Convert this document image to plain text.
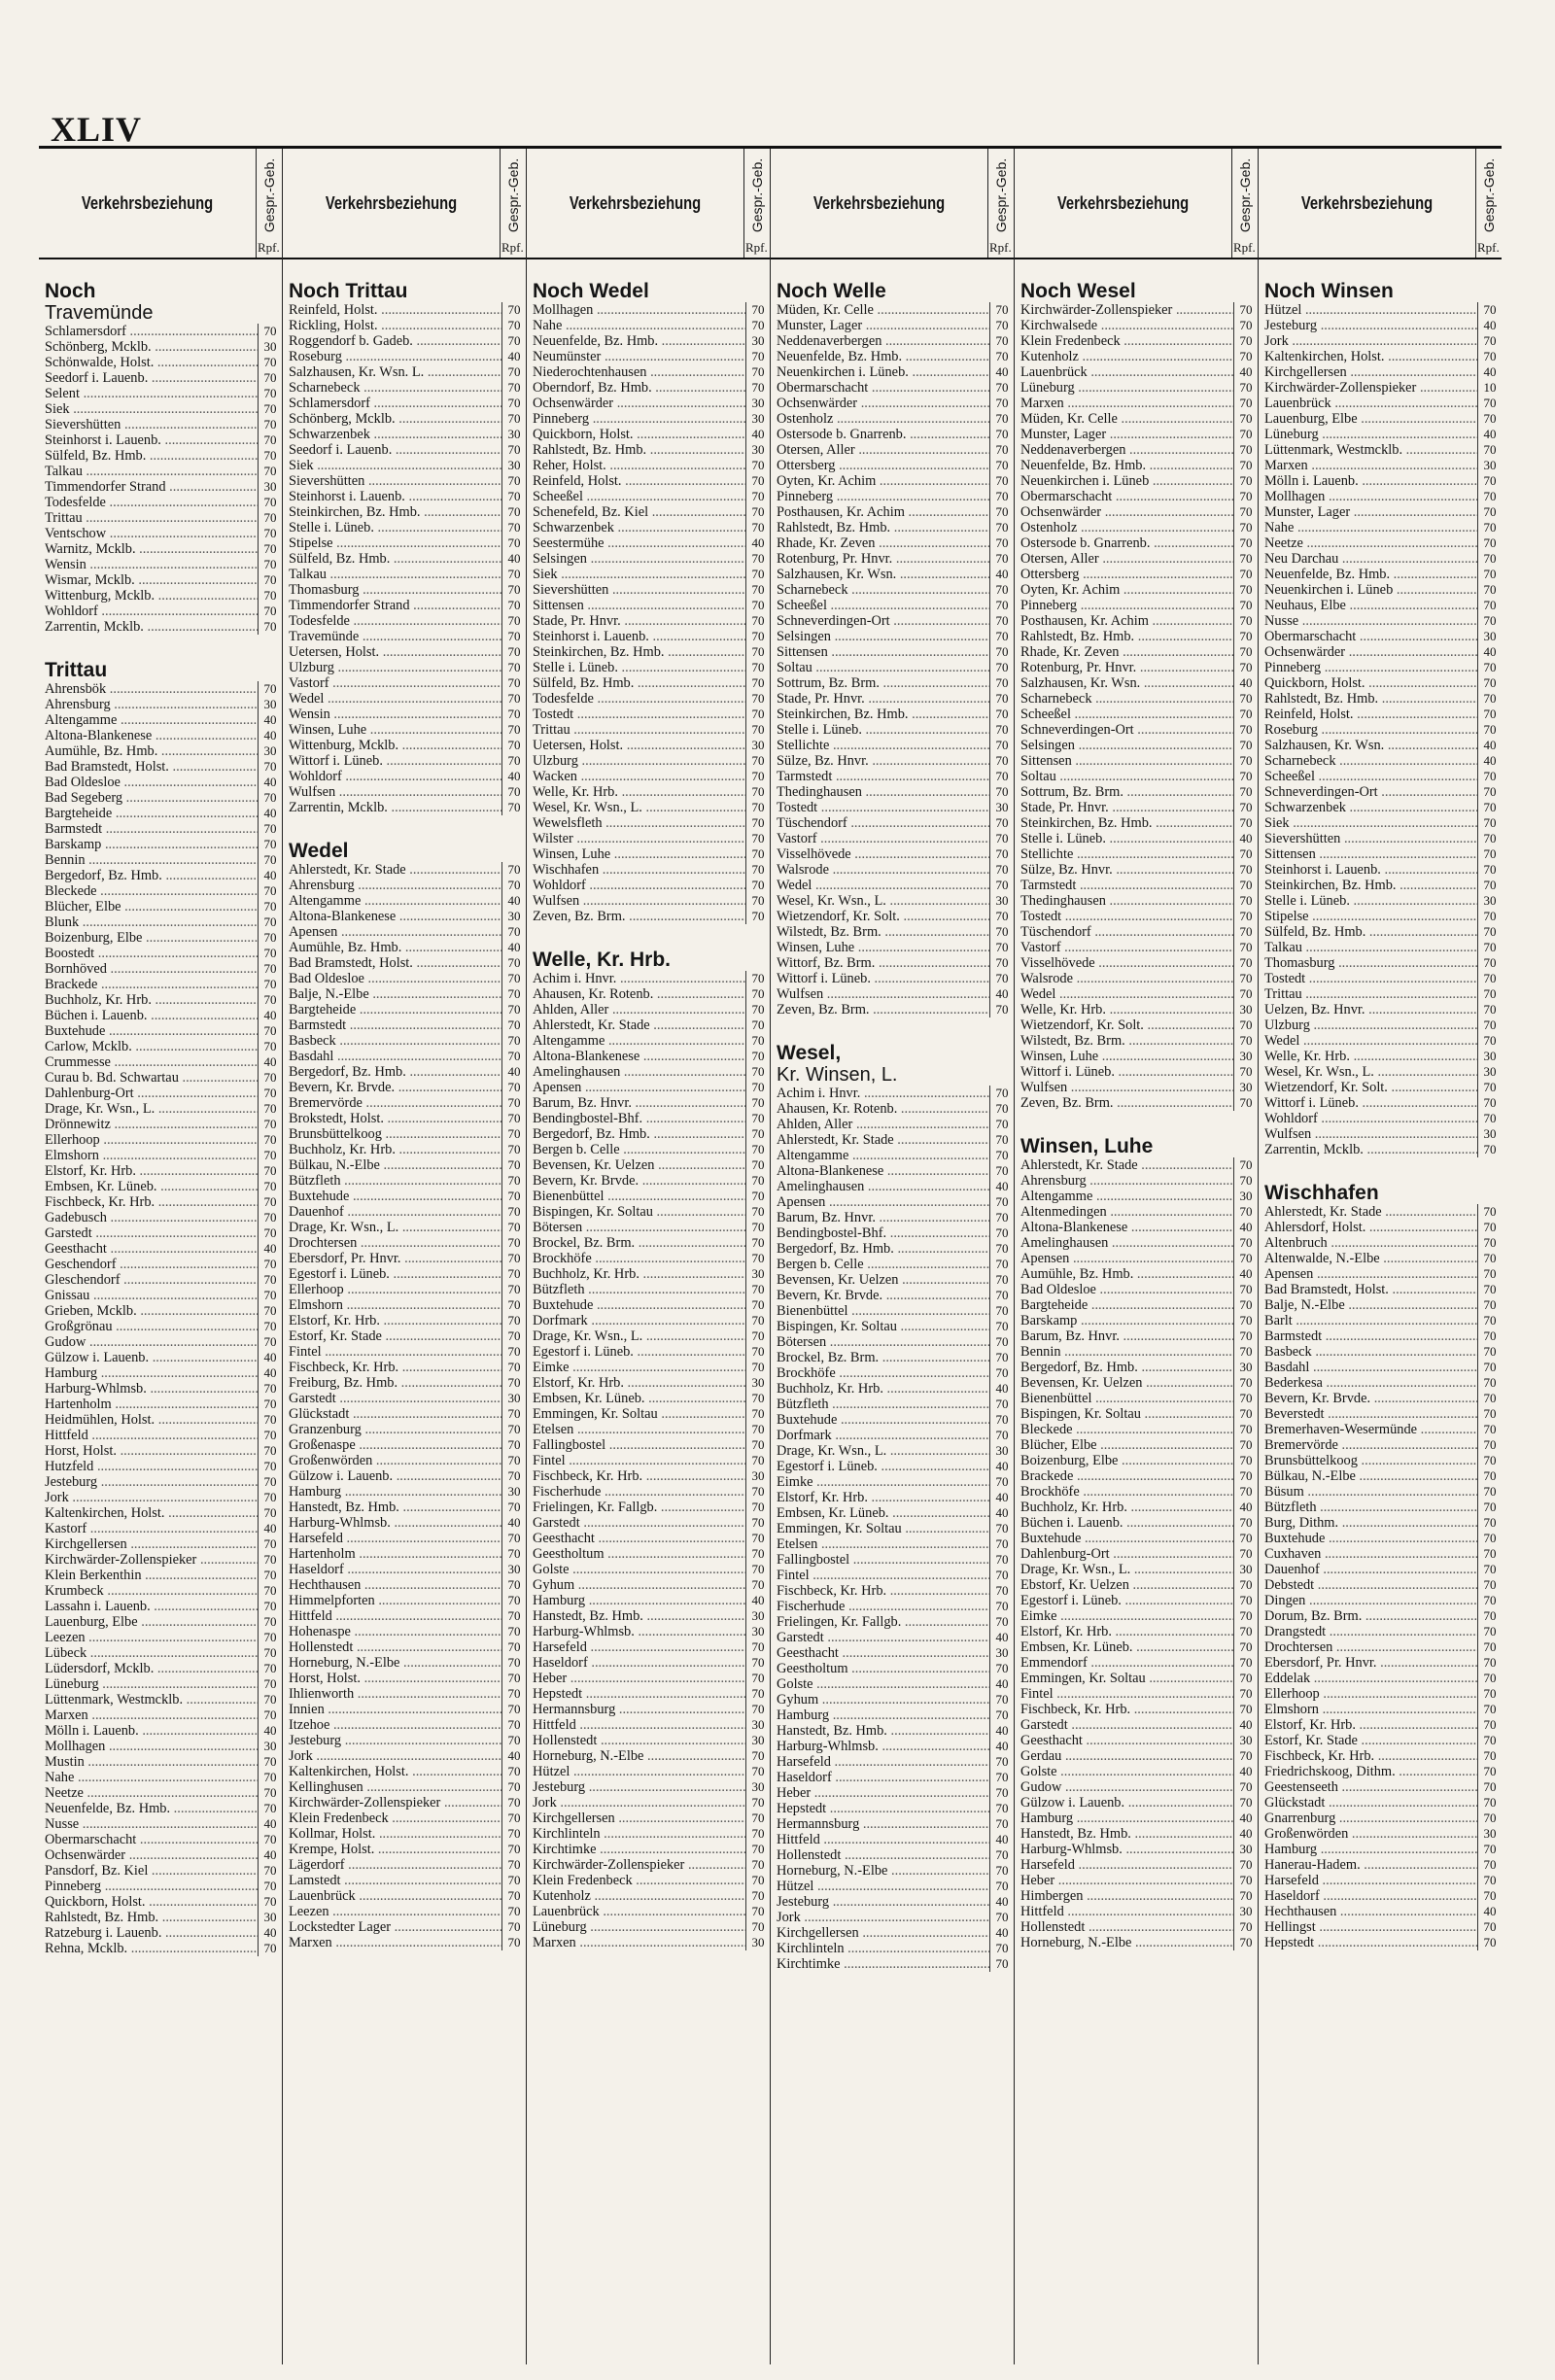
XLIV
Verkehrsbeziehung	Gespr.-Geb.
Rpf.
Noch
Travemünde
Schlamersdorf .....	70
Schönberg, Mcklb. .....	30
Schönwalde, Holst. .....	70
Seedorf i. Lauenb. .....	70
Selent .....	70
Siek .....	70
Sievershütten .....	70
Steinhorst i. Lauenb. .....	70
Sülfeld, Bz. Hmb. .....	70
Talkau .....	70
Timmendorfer Strand .....	30
Todesfelde .....	70
Trittau .....	70
Ventschow .....	70
Warnitz, Mcklb. .....	70
Wensin .....	70
Wismar, Mcklb. .....	70
Wittenburg, Mcklb. .....	70
Wohldorf .....	70
Zarrentin, Mcklb. .....	70
Trittau
Ahrensbök .....	70
Ahrensburg .....	30
Altengamme .....	40
Altona-Blankenese .....	40
Aumühle, Bz. Hmb. .....	30
Bad Bramstedt, Holst. .....	70
Bad Oldesloe .....	40
Bad Segeberg .....	70
Bargteheide .....	40
Barmstedt .....	70
Barskamp .....	70
Bennin .....	70
Bergedorf, Bz. Hmb. .....	40
Bleckede .....	70
Blücher, Elbe .....	70
Blunk .....	70
Boizenburg, Elbe .....	70
Boostedt .....	70
Bornhöved .....	70
Brackede .....	70
Buchholz, Kr. Hrb. .....	70
Büchen i. Lauenb. .....	40
Buxtehude .....	70
Carlow, Mcklb. .....	70
Crummesse .....	40
Curau b. Bd. Schwartau .....	70
Dahlenburg-Ort .....	70
Drage, Kr. Wsn., L. .....	70
Drönnewitz .....	70
Ellerhoop .....	70
Elmshorn .....	70
Elstorf, Kr. Hrb. .....	70
Embsen, Kr. Lüneb. .....	70
Fischbeck, Kr. Hrb. .....	70
Gadebusch .....	70
Garstedt .....	70
Geesthacht .....	40
Geschendorf .....	70
Gleschendorf .....	70
Gnissau .....	70
Grieben, Mcklb. .....	70
Großgrönau .....	70
Gudow .....	70
Gülzow i. Lauenb. .....	40
Hamburg .....	40
Harburg-Whlmsb. .....	70
Hartenholm .....	70
Heidmühlen, Holst. .....	70
Hittfeld .....	70
Horst, Holst. .....	70
Hutzfeld .....	70
Jesteburg .....	70
Jork .....	70
Kaltenkirchen, Holst. .....	70
Kastorf .....	40
Kirchgellersen .....	70
Kirchwärder-Zollenspieker .....	70
Klein Berkenthin .....	70
Krumbeck .....	70
Lassahn i. Lauenb. .....	70
Lauenburg, Elbe .....	70
Leezen .....	70
Lübeck .....	70
Lüdersdorf, Mcklb. .....	70
Lüneburg .....	70
Lüttenmark, Westmcklb. .....	70
Marxen .....	70
Mölln i. Lauenb. .....	40
Mollhagen .....	30
Mustin .....	70
Nahe .....	70
Neetze .....	70
Neuenfelde, Bz. Hmb. .....	70
Nusse .....	40
Obermarschacht .....	70
Ochsenwärder .....	40
Pansdorf, Bz. Kiel .....	70
Pinneberg .....	70
Quickborn, Holst. .....	70
Rahlstedt, Bz. Hmb. .....	30
Ratzeburg i. Lauenb. .....	40
Rehna, Mcklb. .....	70
Verkehrsbeziehung	Gespr.-Geb.
Rpf.
Noch Trittau
Reinfeld, Holst. .....	70
Rickling, Holst. .....	70
Roggendorf b. Gadeb. .....	70
Roseburg .....	40
Salzhausen, Kr. Wsn. L. .....	70
Scharnebeck .....	70
Schlamersdorf .....	70
Schönberg, Mcklb. .....	70
Schwarzenbek .....	30
Seedorf i. Lauenb. .....	70
Siek .....	30
Sievershütten .....	70
Steinhorst i. Lauenb. .....	70
Steinkirchen, Bz. Hmb. .....	70
Stelle i. Lüneb. .....	70
Stipelse .....	70
Sülfeld, Bz. Hmb. .....	40
Talkau .....	70
Thomasburg .....	70
Timmendorfer Strand .....	70
Todesfelde .....	70
Travemünde .....	70
Uetersen, Holst. .....	70
Ulzburg .....	70
Vastorf .....	70
Wedel .....	70
Wensin .....	70
Winsen, Luhe .....	70
Wittenburg, Mcklb. .....	70
Wittorf i. Lüneb. .....	70
Wohldorf .....	40
Wulfsen .....	70
Zarrentin, Mcklb. .....	70
Wedel
Ahlerstedt, Kr. Stade .....	70
Ahrensburg .....	70
Altengamme .....	40
Altona-Blankenese .....	30
Apensen .....	70
Aumühle, Bz. Hmb. .....	40
Bad Bramstedt, Holst. .....	70
Bad Oldesloe .....	70
Balje, N.-Elbe .....	70
Bargteheide .....	70
Barmstedt .....	70
Basbeck .....	70
Basdahl .....	70
Bergedorf, Bz. Hmb. .....	40
Bevern, Kr. Brvde. .....	70
Bremervörde .....	70
Brokstedt, Holst. .....	70
Brunsbüttelkoog .....	70
Buchholz, Kr. Hrb. .....	70
Bülkau, N.-Elbe .....	70
Bützfleth .....	70
Buxtehude .....	70
Dauenhof .....	70
Drage, Kr. Wsn., L. .....	70
Drochtersen .....	70
Ebersdorf, Pr. Hnvr. .....	70
Egestorf i. Lüneb. .....	70
Ellerhoop .....	70
Elmshorn .....	70
Elstorf, Kr. Hrb. .....	70
Estorf, Kr. Stade .....	70
Fintel .....	70
Fischbeck, Kr. Hrb. .....	70
Freiburg, Bz. Hmb. .....	70
Garstedt .....	30
Glückstadt .....	70
Granzenburg .....	70
Großenaspe .....	70
Großenwörden .....	70
Gülzow i. Lauenb. .....	70
Hamburg .....	30
Hanstedt, Bz. Hmb. .....	70
Harburg-Whlmsb. .....	40
Harsefeld .....	70
Hartenholm .....	70
Haseldorf .....	30
Hechthausen .....	70
Himmelpforten .....	70
Hittfeld .....	70
Hohenaspe .....	70
Hollenstedt .....	70
Horneburg, N.-Elbe .....	70
Horst, Holst. .....	70
Ihlienworth .....	70
Innien .....	70
Itzehoe .....	70
Jesteburg .....	70
Jork .....	40
Kaltenkirchen, Holst. .....	70
Kellinghusen .....	70
Kirchwärder-Zollenspieker .....	70
Klein Fredenbeck .....	70
Kollmar, Holst. .....	70
Krempe, Holst. .....	70
Lägerdorf .....	70
Lamstedt .....	70
Lauenbrück .....	70
Leezen .....	70
Lockstedter Lager .....	70
Marxen .....	70
Verkehrsbeziehung	Gespr.-Geb.
Rpf.
Noch Wedel
Mollhagen .....	70
Nahe .....	70
Neuenfelde, Bz. Hmb. .....	30
Neumünster .....	70
Niederochtenhausen .....	70
Oberndorf, Bz. Hmb. .....	70
Ochsenwärder .....	30
Pinneberg .....	30
Quickborn, Holst. .....	40
Rahlstedt, Bz. Hmb. .....	30
Reher, Holst. .....	70
Reinfeld, Holst. .....	70
Scheeßel .....	70
Schenefeld, Bz. Kiel .....	70
Schwarzenbek .....	70
Seestermühe .....	40
Selsingen .....	70
Siek .....	70
Sievershütten .....	70
Sittensen .....	70
Stade, Pr. Hnvr. .....	70
Steinhorst i. Lauenb. .....	70
Steinkirchen, Bz. Hmb. .....	70
Stelle i. Lüneb. .....	70
Sülfeld, Bz. Hmb. .....	70
Todesfelde .....	70
Tostedt .....	70
Trittau .....	70
Uetersen, Holst. .....	30
Ulzburg .....	70
Wacken .....	70
Welle, Kr. Hrb. .....	70
Wesel, Kr. Wsn., L. .....	70
Wewelsfleth .....	70
Wilster .....	70
Winsen, Luhe .....	70
Wischhafen .....	70
Wohldorf .....	70
Wulfsen .....	70
Zeven, Bz. Brm. .....	70
Welle, Kr. Hrb.
Achim i. Hnvr. .....	70
Ahausen, Kr. Rotenb. .....	70
Ahlden, Aller .....	70
Ahlerstedt, Kr. Stade .....	70
Altengamme .....	70
Altona-Blankenese .....	70
Amelinghausen .....	70
Apensen .....	70
Barum, Bz. Hnvr. .....	70
Bendingbostel-Bhf. .....	70
Bergedorf, Bz. Hmb. .....	70
Bergen b. Celle .....	70
Bevensen, Kr. Uelzen .....	70
Bevern, Kr. Brvde. .....	70
Bienenbüttel .....	70
Bispingen, Kr. Soltau .....	70
Bötersen .....	70
Brockel, Bz. Brm. .....	70
Brockhöfe .....	70
Buchholz, Kr. Hrb. .....	30
Bützfleth .....	70
Buxtehude .....	70
Dorfmark .....	70
Drage, Kr. Wsn., L. .....	70
Egestorf i. Lüneb. .....	70
Eimke .....	70
Elstorf, Kr. Hrb. .....	30
Embsen, Kr. Lüneb. .....	70
Emmingen, Kr. Soltau .....	70
Etelsen .....	70
Fallingbostel .....	70
Fintel .....	70
Fischbeck, Kr. Hrb. .....	30
Fischerhude .....	70
Frielingen, Kr. Fallgb. .....	70
Garstedt .....	70
Geesthacht .....	70
Geestholtum .....	70
Golste .....	70
Gyhum .....	70
Hamburg .....	40
Hanstedt, Bz. Hmb. .....	30
Harburg-Whlmsb. .....	30
Harsefeld .....	70
Haseldorf .....	70
Heber .....	70
Hepstedt .....	70
Hermannsburg .....	70
Hittfeld .....	30
Hollenstedt .....	30
Horneburg, N.-Elbe .....	70
Hützel .....	70
Jesteburg .....	30
Jork .....	70
Kirchgellersen .....	70
Kirchlinteln .....	70
Kirchtimke .....	70
Kirchwärder-Zollenspieker .....	70
Klein Fredenbeck .....	70
Kutenholz .....	70
Lauenbrück .....	70
Lüneburg .....	70
Marxen .....	30
Verkehrsbeziehung	Gespr.-Geb.
Rpf.
Noch Welle
Müden, Kr. Celle .....	70
Munster, Lager .....	70
Neddenaverbergen .....	70
Neuenfelde, Bz. Hmb. .....	70
Neuenkirchen i. Lüneb. .....	40
Obermarschacht .....	70
Ochsenwärder .....	70
Ostenholz .....	70
Ostersode b. Gnarrenb. .....	70
Otersen, Aller .....	70
Ottersberg .....	70
Oyten, Kr. Achim .....	70
Pinneberg .....	70
Posthausen, Kr. Achim .....	70
Rahlstedt, Bz. Hmb. .....	70
Rhade, Kr. Zeven .....	70
Rotenburg, Pr. Hnvr. .....	70
Salzhausen, Kr. Wsn. .....	40
Scharnebeck .....	70
Scheeßel .....	70
Schneverdingen-Ort .....	70
Selsingen .....	70
Sittensen .....	70
Soltau .....	70
Sottrum, Bz. Brm. .....	70
Stade, Pr. Hnvr. .....	70
Steinkirchen, Bz. Hmb. .....	70
Stelle i. Lüneb. .....	70
Stellichte .....	70
Sülze, Bz. Hnvr. .....	70
Tarmstedt .....	70
Thedinghausen .....	70
Tostedt .....	30
Tüschendorf .....	70
Vastorf .....	70
Visselhövede .....	70
Walsrode .....	70
Wedel .....	70
Wesel, Kr. Wsn., L. .....	30
Wietzendorf, Kr. Solt. .....	70
Wilstedt, Bz. Brm. .....	70
Winsen, Luhe .....	70
Wittorf, Bz. Brm. .....	70
Wittorf i. Lüneb. .....	70
Wulfsen .....	40
Zeven, Bz. Brm. .....	70
Wesel,
Kr. Winsen, L.
Achim i. Hnvr. .....	70
Ahausen, Kr. Rotenb. .....	70
Ahlden, Aller .....	70
Ahlerstedt, Kr. Stade .....	70
Altengamme .....	70
Altona-Blankenese .....	70
Amelinghausen .....	40
Apensen .....	70
Barum, Bz. Hnvr. .....	70
Bendingbostel-Bhf. .....	70
Bergedorf, Bz. Hmb. .....	70
Bergen b. Celle .....	70
Bevensen, Kr. Uelzen .....	70
Bevern, Kr. Brvde. .....	70
Bienenbüttel .....	70
Bispingen, Kr. Soltau .....	70
Bötersen .....	70
Brockel, Bz. Brm. .....	70
Brockhöfe .....	70
Buchholz, Kr. Hrb. .....	40
Bützfleth .....	70
Buxtehude .....	70
Dorfmark .....	70
Drage, Kr. Wsn., L. .....	30
Egestorf i. Lüneb. .....	40
Eimke .....	70
Elstorf, Kr. Hrb. .....	40
Embsen, Kr. Lüneb. .....	40
Emmingen, Kr. Soltau .....	70
Etelsen .....	70
Fallingbostel .....	70
Fintel .....	70
Fischbeck, Kr. Hrb. .....	70
Fischerhude .....	70
Frielingen, Kr. Fallgb. .....	70
Garstedt .....	40
Geesthacht .....	30
Geestholtum .....	70
Golste .....	40
Gyhum .....	70
Hamburg .....	70
Hanstedt, Bz. Hmb. .....	40
Harburg-Whlmsb. .....	40
Harsefeld .....	70
Haseldorf .....	70
Heber .....	70
Hepstedt .....	70
Hermannsburg .....	70
Hittfeld .....	40
Hollenstedt .....	70
Horneburg, N.-Elbe .....	70
Hützel .....	70
Jesteburg .....	40
Jork .....	70
Kirchgellersen .....	40
Kirchlinteln .....	70
Kirchtimke .....	70
Verkehrsbeziehung	Gespr.-Geb.
Rpf.
Noch Wesel
Kirchwärder-Zollenspieker .....	70
Kirchwalsede .....	70
Klein Fredenbeck .....	70
Kutenholz .....	70
Lauenbrück .....	40
Lüneburg .....	70
Marxen .....	70
Müden, Kr. Celle .....	70
Munster, Lager .....	70
Neddenaverbergen .....	70
Neuenfelde, Bz. Hmb. .....	70
Neuenkirchen i. Lüneb .....	70
Obermarschacht .....	70
Ochsenwärder .....	70
Ostenholz .....	70
Ostersode b. Gnarrenb. .....	70
Otersen, Aller .....	70
Ottersberg .....	70
Oyten, Kr. Achim .....	70
Pinneberg .....	70
Posthausen, Kr. Achim .....	70
Rahlstedt, Bz. Hmb. .....	70
Rhade, Kr. Zeven .....	70
Rotenburg, Pr. Hnvr. .....	70
Salzhausen, Kr. Wsn. .....	40
Scharnebeck .....	70
Scheeßel .....	70
Schneverdingen-Ort .....	70
Selsingen .....	70
Sittensen .....	70
Soltau .....	70
Sottrum, Bz. Brm. .....	70
Stade, Pr. Hnvr. .....	70
Steinkirchen, Bz. Hmb. .....	70
Stelle i. Lüneb. .....	40
Stellichte .....	70
Sülze, Bz. Hnvr. .....	70
Tarmstedt .....	70
Thedinghausen .....	70
Tostedt .....	70
Tüschendorf .....	70
Vastorf .....	70
Visselhövede .....	70
Walsrode .....	70
Wedel .....	70
Welle, Kr. Hrb. .....	30
Wietzendorf, Kr. Solt. .....	70
Wilstedt, Bz. Brm. .....	70
Winsen, Luhe .....	30
Wittorf i. Lüneb. .....	70
Wulfsen .....	30
Zeven, Bz. Brm. .....	70
Winsen, Luhe
Ahlerstedt, Kr. Stade .....	70
Ahrensburg .....	70
Altengamme .....	30
Altenmedingen .....	70
Altona-Blankenese .....	40
Amelinghausen .....	70
Apensen .....	70
Aumühle, Bz. Hmb. .....	40
Bad Oldesloe .....	70
Bargteheide .....	70
Barskamp .....	70
Barum, Bz. Hnvr. .....	70
Bennin .....	70
Bergedorf, Bz. Hmb. .....	30
Bevensen, Kr. Uelzen .....	70
Bienenbüttel .....	70
Bispingen, Kr. Soltau .....	70
Bleckede .....	70
Blücher, Elbe .....	70
Boizenburg, Elbe .....	70
Brackede .....	70
Brockhöfe .....	70
Buchholz, Kr. Hrb. .....	40
Büchen i. Lauenb. .....	70
Buxtehude .....	70
Dahlenburg-Ort .....	70
Drage, Kr. Wsn., L. .....	30
Ebstorf, Kr. Uelzen .....	70
Egestorf i. Lüneb. .....	70
Eimke .....	70
Elstorf, Kr. Hrb. .....	70
Embsen, Kr. Lüneb. .....	70
Emmendorf .....	70
Emmingen, Kr. Soltau .....	70
Fintel .....	70
Fischbeck, Kr. Hrb. .....	70
Garstedt .....	40
Geesthacht .....	30
Gerdau .....	70
Golste .....	40
Gudow .....	70
Gülzow i. Lauenb. .....	70
Hamburg .....	40
Hanstedt, Bz. Hmb. .....	40
Harburg-Whlmsb. .....	30
Harsefeld .....	70
Heber .....	70
Himbergen .....	70
Hittfeld .....	30
Hollenstedt .....	70
Horneburg, N.-Elbe .....	70
Verkehrsbeziehung	Gespr.-Geb.
Rpf.
Noch Winsen
Hützel .....	70
Jesteburg .....	40
Jork .....	70
Kaltenkirchen, Holst. .....	70
Kirchgellersen .....	40
Kirchwärder-Zollenspieker .....	10
Lauenbrück .....	70
Lauenburg, Elbe .....	70
Lüneburg .....	40
Lüttenmark, Westmcklb. .....	70
Marxen .....	30
Mölln i. Lauenb. .....	70
Mollhagen .....	70
Munster, Lager .....	70
Nahe .....	70
Neetze .....	70
Neu Darchau .....	70
Neuenfelde, Bz. Hmb. .....	70
Neuenkirchen i. Lüneb .....	70
Neuhaus, Elbe .....	70
Nusse .....	70
Obermarschacht .....	30
Ochsenwärder .....	40
Pinneberg .....	70
Quickborn, Holst. .....	70
Rahlstedt, Bz. Hmb. .....	70
Reinfeld, Holst. .....	70
Roseburg .....	70
Salzhausen, Kr. Wsn. .....	40
Scharnebeck .....	40
Scheeßel .....	70
Schneverdingen-Ort .....	70
Schwarzenbek .....	70
Siek .....	70
Sievershütten .....	70
Sittensen .....	70
Steinhorst i. Lauenb. .....	70
Steinkirchen, Bz. Hmb. .....	70
Stelle i. Lüneb. .....	30
Stipelse .....	70
Sülfeld, Bz. Hmb. .....	70
Talkau .....	70
Thomasburg .....	70
Tostedt .....	70
Trittau .....	70
Uelzen, Bz. Hnvr. .....	70
Ulzburg .....	70
Wedel .....	70
Welle, Kr. Hrb. .....	30
Wesel, Kr. Wsn., L. .....	30
Wietzendorf, Kr. Solt. .....	70
Wittorf i. Lüneb. .....	70
Wohldorf .....	70
Wulfsen .....	30
Zarrentin, Mcklb. .....	70
Wischhafen
Ahlerstedt, Kr. Stade .....	70
Ahlersdorf, Holst. .....	70
Altenbruch .....	70
Altenwalde, N.-Elbe .....	70
Apensen .....	70
Bad Bramstedt, Holst. .....	70
Balje, N.-Elbe .....	70
Barlt .....	70
Barmstedt .....	70
Basbeck .....	70
Basdahl .....	70
Bederkesa .....	70
Bevern, Kr. Brvde. .....	70
Beverstedt .....	70
Bremerhaven-Wesermünde .....	70
Bremervörde .....	70
Brunsbüttelkoog .....	70
Bülkau, N.-Elbe .....	70
Büsum .....	70
Bützfleth .....	70
Burg, Dithm. .....	70
Buxtehude .....	70
Cuxhaven .....	70
Dauenhof .....	70
Debstedt .....	70
Dingen .....	70
Dorum, Bz. Brm. .....	70
Drangstedt .....	70
Drochtersen .....	70
Ebersdorf, Pr. Hnvr. .....	70
Eddelak .....	70
Ellerhoop .....	70
Elmshorn .....	70
Elstorf, Kr. Hrb. .....	70
Estorf, Kr. Stade .....	70
Fischbeck, Kr. Hrb. .....	70
Friedrichskoog, Dithm. .....	70
Geestenseeth .....	70
Glückstadt .....	70
Gnarrenburg .....	70
Großenwörden .....	30
Hamburg .....	70
Hanerau-Hadem. .....	70
Harsefeld .....	70
Haseldorf .....	70
Hechthausen .....	40
Hellingst .....	70
Hepstedt .....	70
